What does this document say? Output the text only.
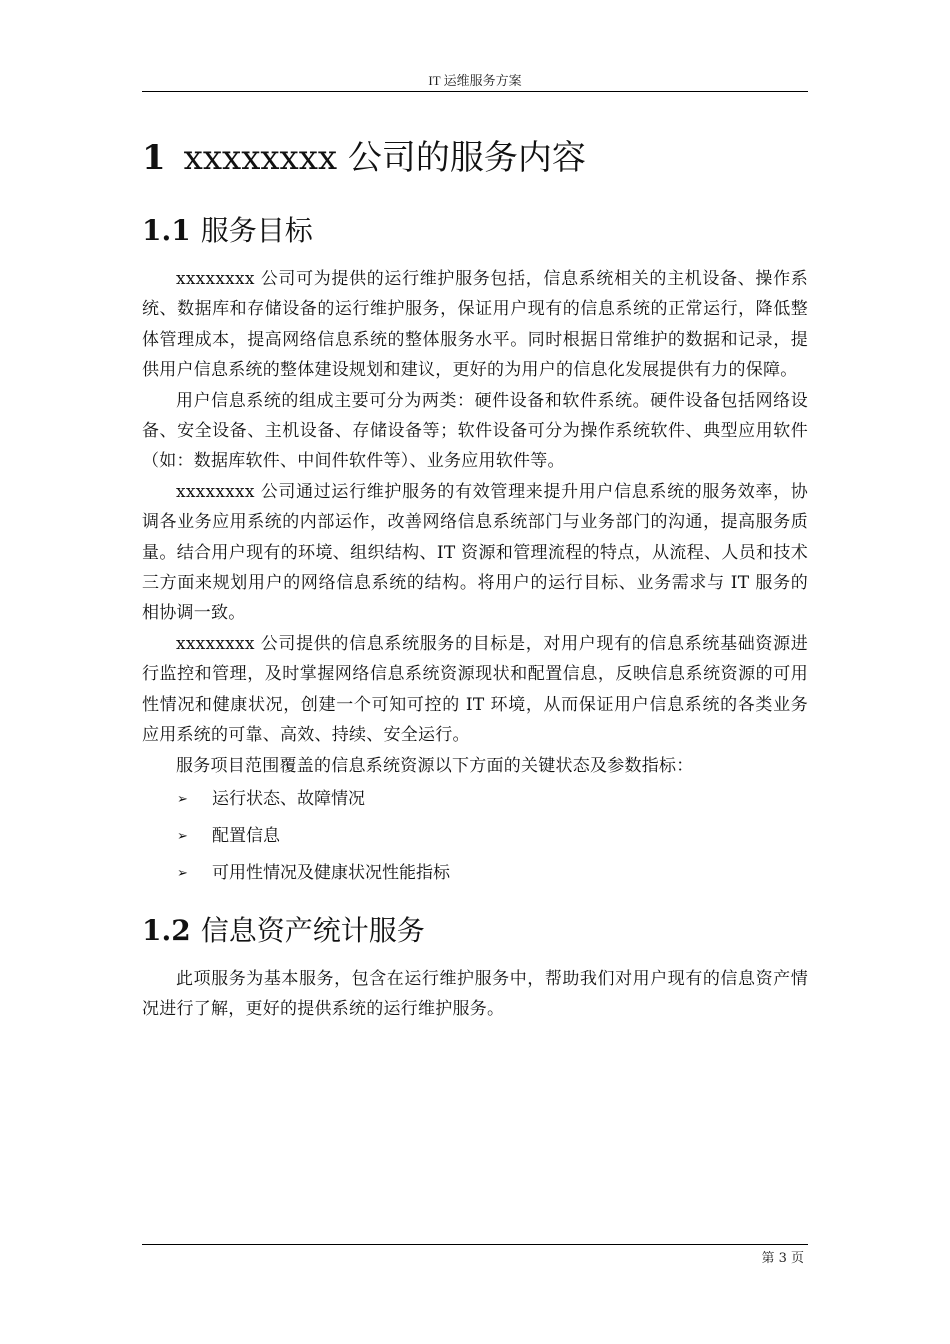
IT 运维服务方案
1 xxxxxxxx 公司的服务内容
1.1 服务目标

xxxxxxxx 公司可为提供的运行维护服务包括，信息系统相关的主机设备、操作系统、数据库和存储设备的运行维护服务，保证用户现有的信息系统的正常运行，降低整体管理成本，提高网络信息系统的整体服务水平。同时根据日常维护的数据和记录，提供用户信息系统的整体建设规划和建议，更好的为用户的信息化发展提供有力的保障。

用户信息系统的组成主要可分为两类：硬件设备和软件系统。硬件设备包括网络设备、安全设备、主机设备、存储设备等；软件设备可分为操作系统软件、典型应用软件（如：数据库软件、中间件软件等）、业务应用软件等。

xxxxxxxx 公司通过运行维护服务的有效管理来提升用户信息系统的服务效率，协调各业务应用系统的内部运作，改善网络信息系统部门与业务部门的沟通，提高服务质量。结合用户现有的环境、组织结构、IT 资源和管理流程的特点，从流程、人员和技术三方面来规划用户的网络信息系统的结构。将用户的运行目标、业务需求与 IT 服务的相协调一致。

xxxxxxxx 公司提供的信息系统服务的目标是，对用户现有的信息系统基础资源进行监控和管理，及时掌握网络信息系统资源现状和配置信息，反映信息系统资源的可用性情况和健康状况，创建一个可知可控的 IT 环境，从而保证用户信息系统的各类业务应用系统的可靠、高效、持续、安全运行。

服务项目范围覆盖的信息系统资源以下方面的关键状态及参数指标：

➢ 运行状态、故障情况
➢ 配置信息
➢ 可用性情况及健康状况性能指标
1.2 信息资产统计服务

此项服务为基本服务，包含在运行维护服务中，帮助我们对用户现有的信息资产情况进行了解，更好的提供系统的运行维护服务。

第 3 页
